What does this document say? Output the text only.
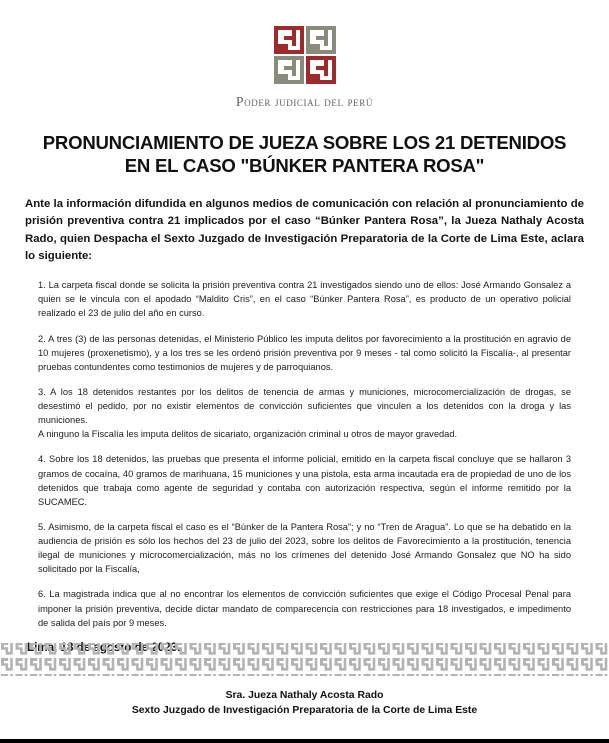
Poder judicial del perú
PRONUNCIAMIENTO DE JUEZA SOBRE LOS 21 DETENIDOS
EN EL CASO "BÚNKER PANTERA ROSA"

Ante la información difundida en algunos medios de comunicación con relación al pronunciamiento de prisión preventiva contra 21 implicados por el caso “Búnker Pantera Rosa”, la Jueza Nathaly Acosta Rado, quien Despacha el Sexto Juzgado de Investigación Preparatoria de la Corte de Lima Este, aclara lo siguiente:

1. La carpeta fiscal donde se solicita la prisión preventiva contra 21 investigados siendo uno de ellos: José Armando Gonsalez a quien se le vincula con el apodado “Maldito Cris”, en el caso “Búnker Pantera Rosa”, es producto de un operativo policial realizado el 23 de julio del año en curso.

2. A tres (3) de las personas detenidas, el Ministerio Público les imputa delitos por favorecimiento a la prostitución en agravio de 10 mujeres (proxenetismo), y a los tres se les ordenó prisión preventiva por 9 meses - tal como solicitó la Fiscalía-, al presentar pruebas contundentes como testimonios de mujeres y de parroquianos.

3. A los 18 detenidos restantes por los delitos de tenencia de armas y municiones, microcomercialización de drogas, se desestimó el pedido, por no existir elementos de convicción suficientes que vinculen a los detenidos con la droga y las municiones.
A ninguno la Fiscalía les imputa delitos de sicariato, organización criminal u otros de mayor gravedad.

4. Sobre los 18 detenidos, las pruebas que presenta el informe policial, emitido en la carpeta fiscal concluye que se hallaron 3 gramos de cocaína, 40 gramos de marihuana, 15 municiones y una pistola, esta arma incautada era de propiedad de uno de los detenidos que trabaja como agente de seguridad y contaba con autorización respectiva, según el informe remitido por la SUCAMEC.

5. Asimismo, de la carpeta fiscal el caso es el “Búnker de la Pantera Rosa”; y no “Tren de Aragua”. Lo que se ha debatido en la audiencia de prisión es sólo los hechos del 23 de julio del 2023, sobre los delitos de Favorecimiento a la prostitución, tenencia ilegal de municiones y microcomercialización, más no los crímenes del detenido José Armando Gonsalez que NO ha sido solicitado por la Fiscalía,

6. La magistrada indica que al no encontrar los elementos de convicción suficientes que exige el Código Procesal Penal para imponer la prisión preventiva, decide dictar mandato de comparecencia con restricciones para 18 investigados, e impedimento de salida del país por 9 meses.

Sra. Jueza Nathaly Acosta Rado
Sexto Juzgado de Investigación Preparatoria de la Corte de Lima Este
